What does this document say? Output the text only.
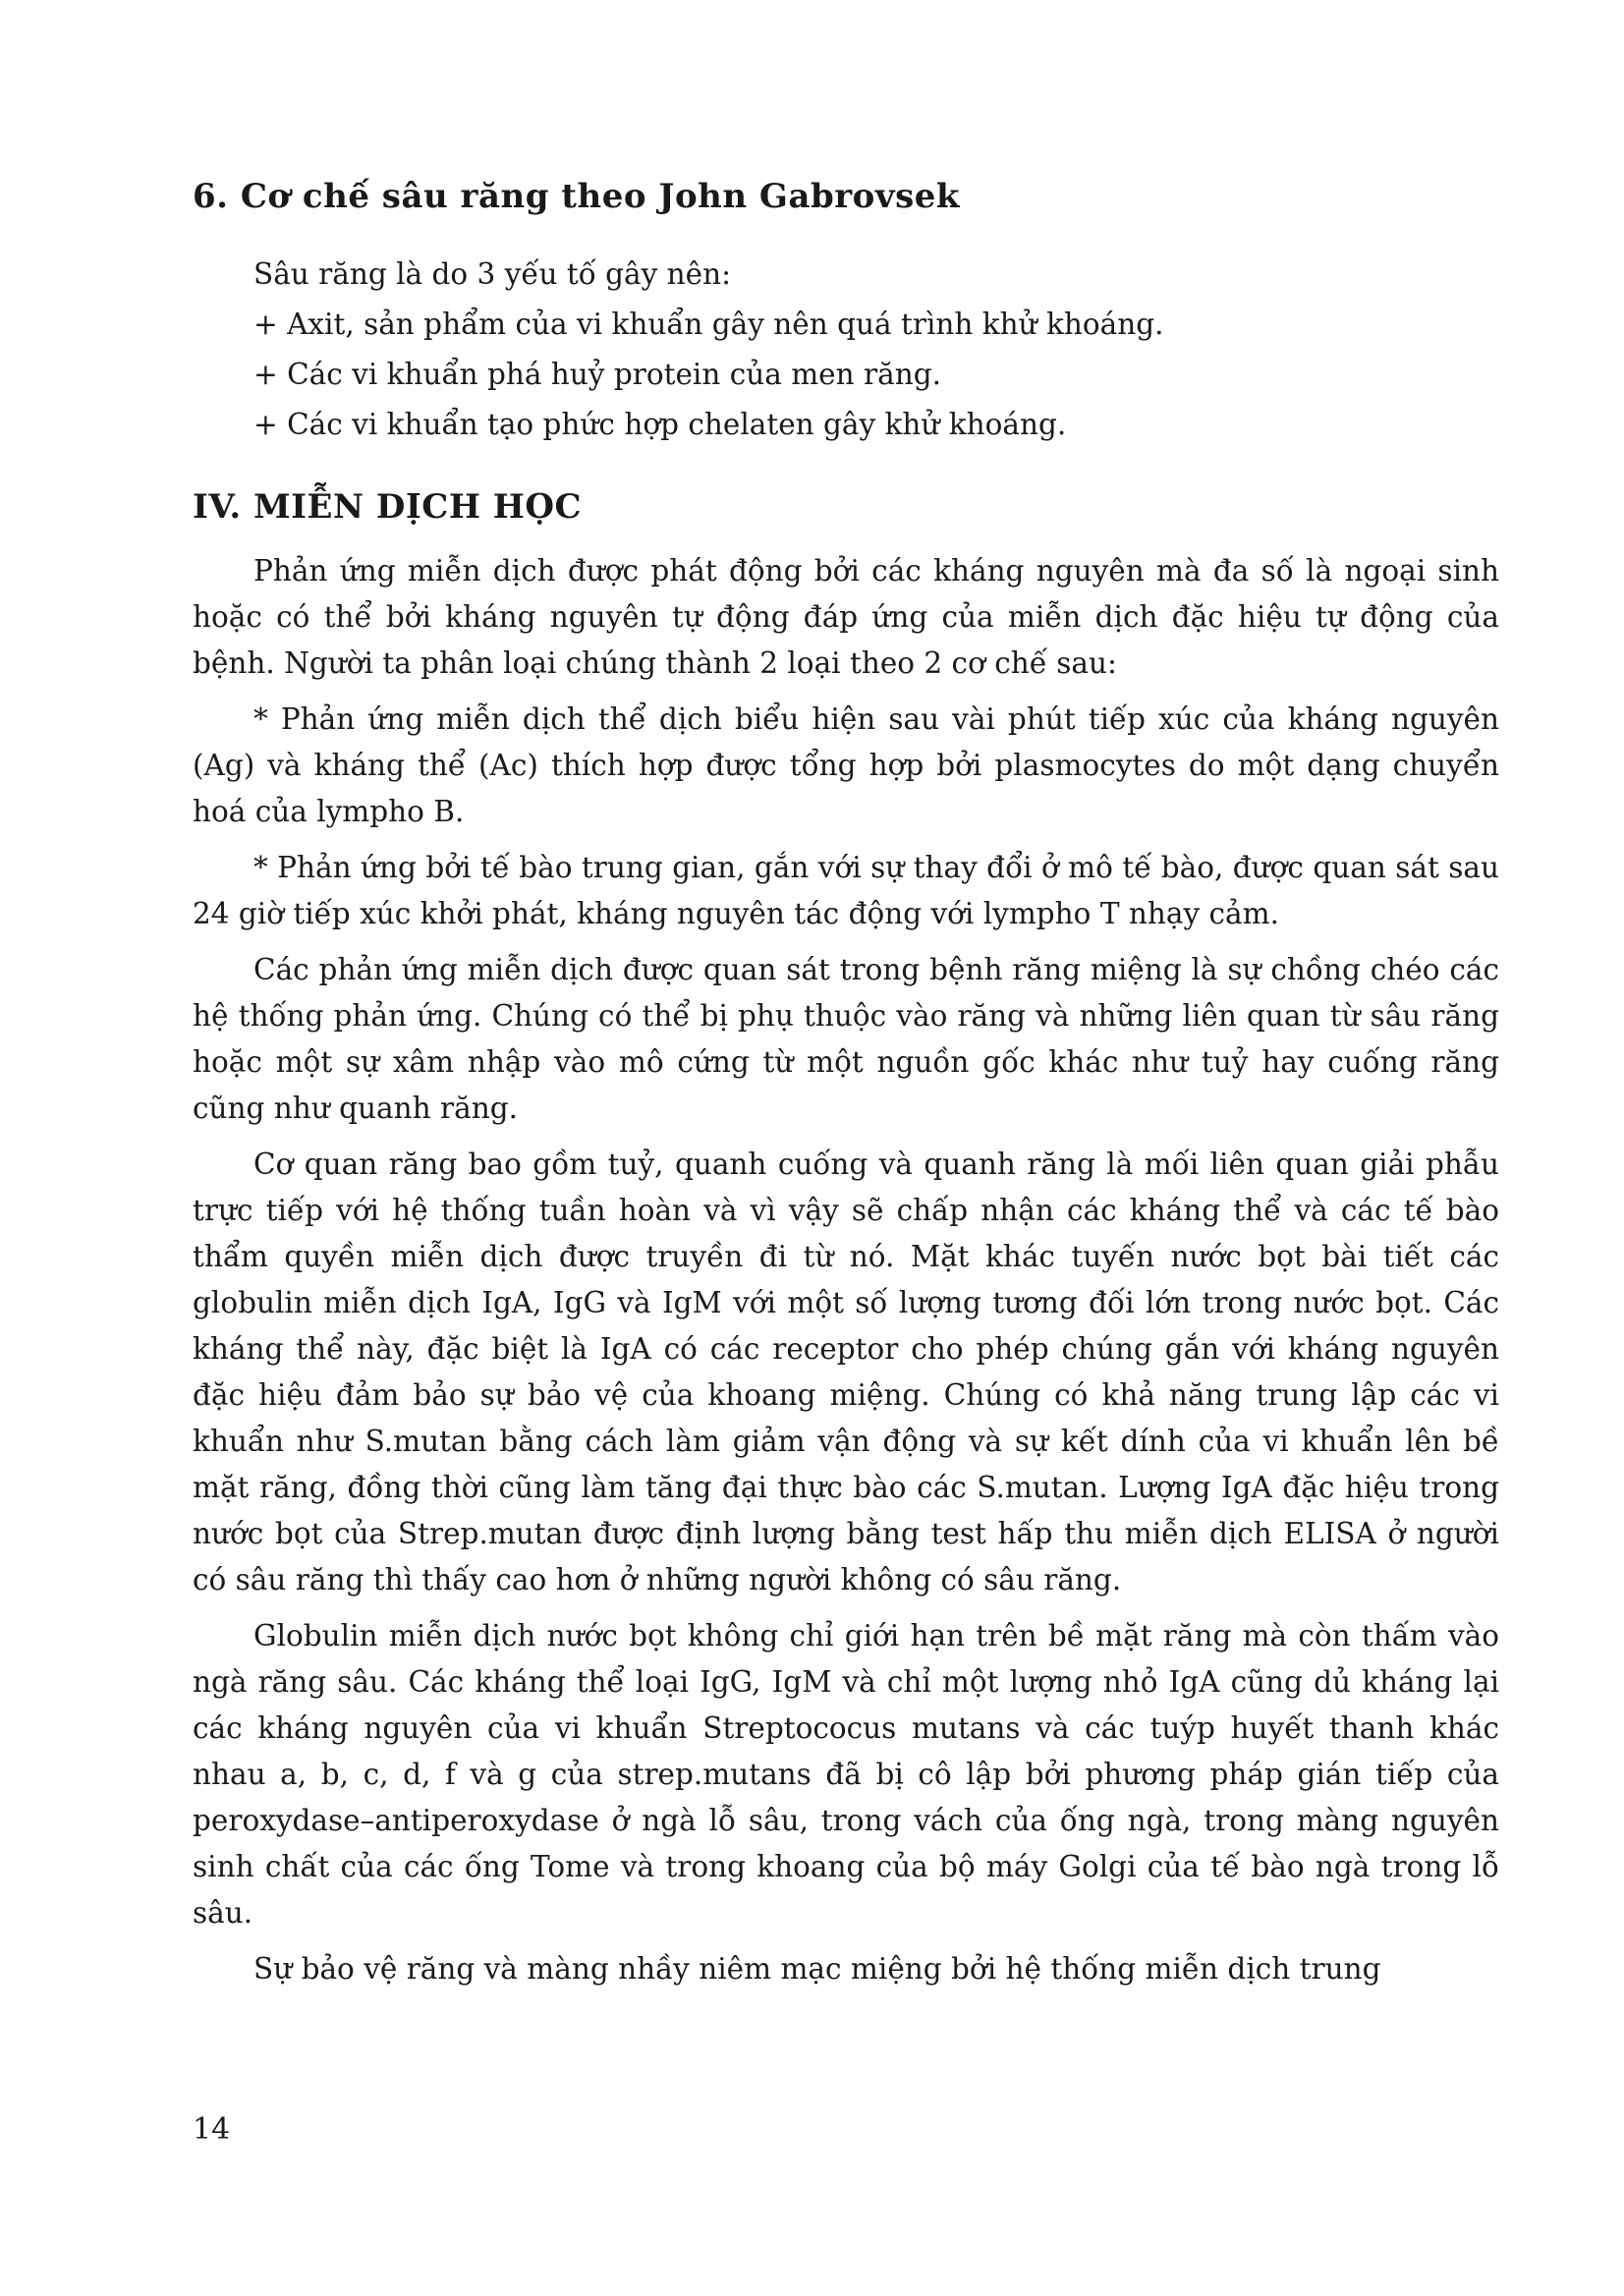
6. Cơ chế sâu răng theo John Gabrovsek

Sâu răng là do 3 yếu tố gây nên:

+ Axit, sản phẩm của vi khuẩn gây nên quá trình khử khoáng.

+ Các vi khuẩn phá huỷ protein của men răng.

+ Các vi khuẩn tạo phức hợp chelaten gây khử khoáng.

IV. MIỄN DỊCH HỌC

Phản ứng miễn dịch được phát động bởi các kháng nguyên mà đa số là ngoại sinh hoặc có thể bởi kháng nguyên tự động đáp ứng của miễn dịch đặc hiệu tự động của bệnh. Người ta phân loại chúng thành 2 loại theo 2 cơ chế sau:

* Phản ứng miễn dịch thể dịch biểu hiện sau vài phút tiếp xúc của kháng nguyên (Ag) và kháng thể (Ac) thích hợp được tổng hợp bởi plasmocytes do một dạng chuyển hoá của lympho B.

* Phản ứng bởi tế bào trung gian, gắn với sự thay đổi ở mô tế bào, được quan sát sau 24 giờ tiếp xúc khởi phát, kháng nguyên tác động với lympho T nhạy cảm.

Các phản ứng miễn dịch được quan sát trong bệnh răng miệng là sự chồng chéo các hệ thống phản ứng. Chúng có thể bị phụ thuộc vào răng và những liên quan từ sâu răng hoặc một sự xâm nhập vào mô cứng từ một nguồn gốc khác như tuỷ hay cuống răng cũng như quanh răng.

Cơ quan răng bao gồm tuỷ, quanh cuống và quanh răng là mối liên quan giải phẫu trực tiếp với hệ thống tuần hoàn và vì vậy sẽ chấp nhận các kháng thể và các tế bào thẩm quyền miễn dịch được truyền đi từ nó. Mặt khác tuyến nước bọt bài tiết các globulin miễn dịch IgA, IgG và IgM với một số lượng tương đối lớn trong nước bọt. Các kháng thể này, đặc biệt là IgA có các receptor cho phép chúng gắn với kháng nguyên đặc hiệu đảm bảo sự bảo vệ của khoang miệng. Chúng có khả năng trung lập các vi khuẩn như S.mutan bằng cách làm giảm vận động và sự kết dính của vi khuẩn lên bề mặt răng, đồng thời cũng làm tăng đại thực bào các S.mutan. Lượng IgA đặc hiệu trong nước bọt của Strep.mutan được định lượng bằng test hấp thu miễn dịch ELISA ở người có sâu răng thì thấy cao hơn ở những người không có sâu răng.

Globulin miễn dịch nước bọt không chỉ giới hạn trên bề mặt răng mà còn thấm vào ngà răng sâu. Các kháng thể loại IgG, IgM và chỉ một lượng nhỏ IgA cũng dủ kháng lại các kháng nguyên của vi khuẩn Streptococus mutans và các tuýp huyết thanh khác nhau a, b, c, d, f và g của strep.mutans đã bị cô lập bởi phương pháp gián tiếp của peroxydase–antiperoxydase ở ngà lỗ sâu, trong vách của ống ngà, trong màng nguyên sinh chất của các ống Tome và trong khoang của bộ máy Golgi của tế bào ngà trong lỗ sâu.

Sự bảo vệ răng và màng nhầy niêm mạc miệng bởi hệ thống miễn dịch trung

14
